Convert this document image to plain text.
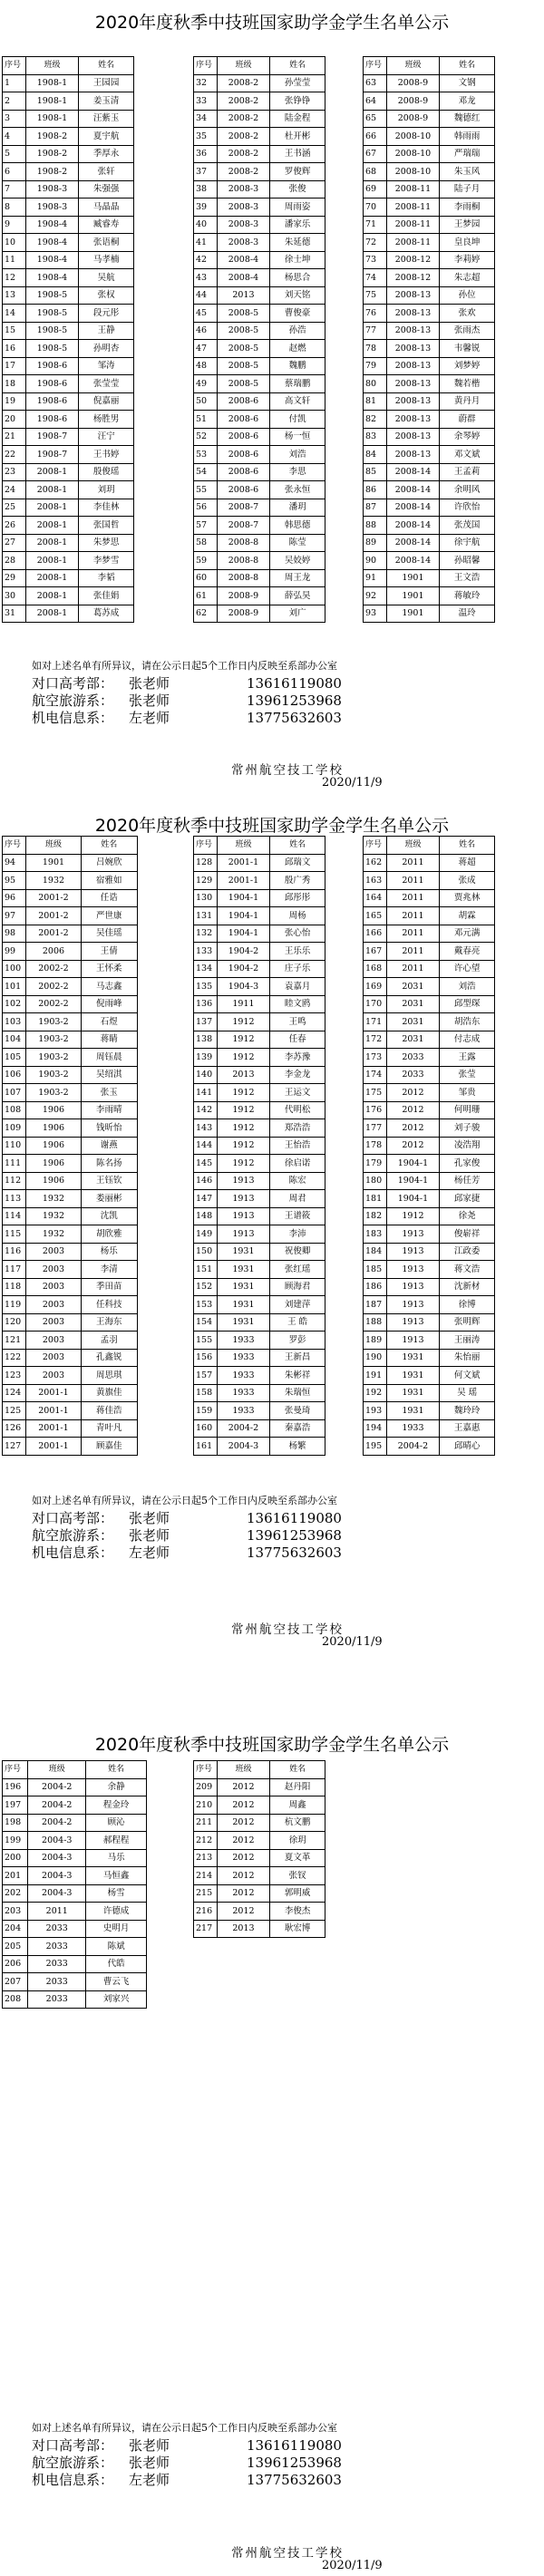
2020年度秋季中技班国家助学金学生名单公示
序号	班级	姓名
1	1908-1	王园园
2	1908-1	姜玉清
3	1908-1	汪紫玉
4	1908-2	夏宇航
5	1908-2	季厚永
6	1908-2	张轩
7	1908-3	朱强强
8	1908-3	马晶晶
9	1908-4	臧睿寿
10	1908-4	张语桐
11	1908-4	马孝楠
12	1908-4	吴航
13	1908-5	张权
14	1908-5	段元彤
15	1908-5	王静
16	1908-5	孙明杏
17	1908-6	邹涛
18	1908-6	张莹莹
19	1908-6	倪嘉丽
20	1908-6	杨胜男
21	1908-7	汪宁
22	1908-7	王书婷
23	2008-1	殷俊瑶
24	2008-1	刘玥
25	2008-1	李佳林
26	2008-1	张国哲
27	2008-1	朱梦思
28	2008-1	李梦雪
29	2008-1	李韬
30	2008-1	张佳娟
31	2008-1	葛苏成
序号	班级	姓名
32	2008-2	孙莹莹
33	2008-2	张铮铮
34	2008-2	陆金程
35	2008-2	杜开彬
36	2008-2	王书涵
37	2008-2	罗俊辉
38	2008-3	张俊
39	2008-3	周雨姿
40	2008-3	潘家乐
41	2008-3	朱延德
42	2008-4	徐士坤
43	2008-4	杨思合
44	2013	刘天铭
45	2008-5	曹俊豪
46	2008-5	孙浩
47	2008-5	赵燃
48	2008-5	魏鹏
49	2008-5	蔡瑞鹏
50	2008-6	高文轩
51	2008-6	付凯
52	2008-6	杨一恒
53	2008-6	刘浩
54	2008-6	李思
55	2008-6	张永恒
56	2008-7	潘玥
57	2008-7	韩思德
58	2008-8	陈莹
59	2008-8	吴姣婷
60	2008-8	周王龙
61	2008-9	薛弘昊
62	2008-9	刘广
序号	班级	姓名
63	2008-9	文钢
64	2008-9	邓龙
65	2008-9	魏德红
66	2008-10	韩雨雨
67	2008-10	严瑞瑞
68	2008-10	朱玉风
69	2008-11	陆子月
70	2008-11	李雨桐
71	2008-11	王梦园
72	2008-11	皇良坤
73	2008-12	李莉婷
74	2008-12	朱志超
75	2008-13	孙位
76	2008-13	张欢
77	2008-13	张雨杰
78	2008-13	韦馨锐
79	2008-13	刘梦婷
80	2008-13	魏若楷
81	2008-13	黄丹月
82	2008-13	蔚群
83	2008-13	余琴婷
84	2008-13	邓文斌
85	2008-14	王孟莉
86	2008-14	余明风
87	2008-14	许欣怡
88	2008-14	张茂国
89	2008-14	徐宇航
90	2008-14	孙昭馨
91	1901	王文浩
92	1901	蒋敏玲
93	1901	温玲
如对上述名单有所异议，请在公示日起5个工作日内反映至系部办公室
对口高考部：	张老师	13616119080
航空旅游系：	张老师	13961253968
机电信息系：	左老师	13775632603
常州航空技工学校
2020/11/9
2020年度秋季中技班国家助学金学生名单公示
序号	班级	姓名
94	1901	吕婉欣
95	1932	宿雅如
96	2001-2	任诰
97	2001-2	严世康
98	2001-2	吴佳瑶
99	2006	王倩
100	2002-2	王怀柔
101	2002-2	马志鑫
102	2002-2	倪雨峰
103	1903-2	石煜
104	1903-2	蒋睛
105	1903-2	周钰晨
106	1903-2	吴绍淇
107	1903-2	张玉
108	1906	李雨晴
109	1906	钱昕怡
110	1906	谢燕
111	1906	陈名扬
112	1906	王钰钦
113	1932	娄丽彬
114	1932	沈凯
115	1932	胡欣雅
116	2003	杨乐
117	2003	李清
118	2003	季田苗
119	2003	任科技
120	2003	王海东
121	2003	孟羽
122	2003	孔鑫锐
123	2003	周思琪
124	2001-1	黄旗佳
125	2001-1	蒋佳浩
126	2001-1	青叶凡
127	2001-1	顾嘉佳
序号	班级	姓名
128	2001-1	邱瑞文
129	2001-1	殷广秀
130	1904-1	邱彤彤
131	1904-1	周杨
132	1904-1	张心怡
133	1904-2	王乐乐
134	1904-2	庄子乐
135	1904-3	袁嘉月
136	1911	睦文鸥
137	1912	王鸣
138	1912	任春
139	1912	李苏豫
140	2013	李金龙
141	1912	王运文
142	1912	代明松
143	1912	郑浩浩
144	1912	王怡浩
145	1912	徐启诺
146	1913	陈宏
147	1913	周君
148	1913	王谱筱
149	1913	李沛
150	1931	祝俊卿
151	1931	张红瑶
152	1931	顾海君
153	1931	刘建萍
154	1931	王 皓
155	1933	罗彭
156	1933	王新昌
157	1933	朱彬祥
158	1933	朱瑞恒
159	1933	张曼琦
160	2004-2	秦嘉浩
161	2004-3	杨繁
序号	班级	姓名
162	2011	蒋超
163	2011	张成
164	2011	贾兆林
165	2011	胡霖
166	2011	邓元满
167	2011	戴春亮
168	2011	许心望
169	2031	刘浩
170	2031	邱型琛
171	2031	胡浩东
172	2031	付志成
173	2033	王露
174	2033	张莹
175	2012	邹贵
176	2012	何明珊
177	2012	刘子骏
178	2012	凌浩翔
179	1904-1	孔家俊
180	1904-1	杨任芳
181	1904-1	邱家捷
182	1912	徐尧
183	1913	俊崭祥
184	1913	江政委
185	1913	蒋文浩
186	1913	沈新材
187	1913	徐博
188	1913	张明辉
189	1913	王丽涛
190	1931	朱怡丽
191	1931	何文斌
192	1931	吴 瑶
193	1931	魏玲玲
194	1933	王嘉惠
195	2004-2	邱晴心
如对上述名单有所异议，请在公示日起5个工作日内反映至系部办公室
对口高考部：	张老师	13616119080
航空旅游系：	张老师	13961253968
机电信息系：	左老师	13775632603
常州航空技工学校
2020/11/9
2020年度秋季中技班国家助学金学生名单公示
序号	班级	姓名
196	2004-2	余静
197	2004-2	程金玲
198	2004-2	顾沁
199	2004-3	郝程程
200	2004-3	马乐
201	2004-3	马恒鑫
202	2004-3	杨雪
203	2011	许德成
204	2033	史明月
205	2033	陈斌
206	2033	代皓
207	2033	曹云飞
208	2033	刘家兴
序号	班级	姓名
209	2012	赵丹阳
210	2012	周鑫
211	2012	杭文鹏
212	2012	徐玥
213	2012	夏文革
214	2012	张钗
215	2012	郭明威
216	2012	李俊杰
217	2013	耿宏博
如对上述名单有所异议，请在公示日起5个工作日内反映至系部办公室
对口高考部：	张老师	13616119080
航空旅游系：	张老师	13961253968
机电信息系：	左老师	13775632603
常州航空技工学校
2020/11/9
